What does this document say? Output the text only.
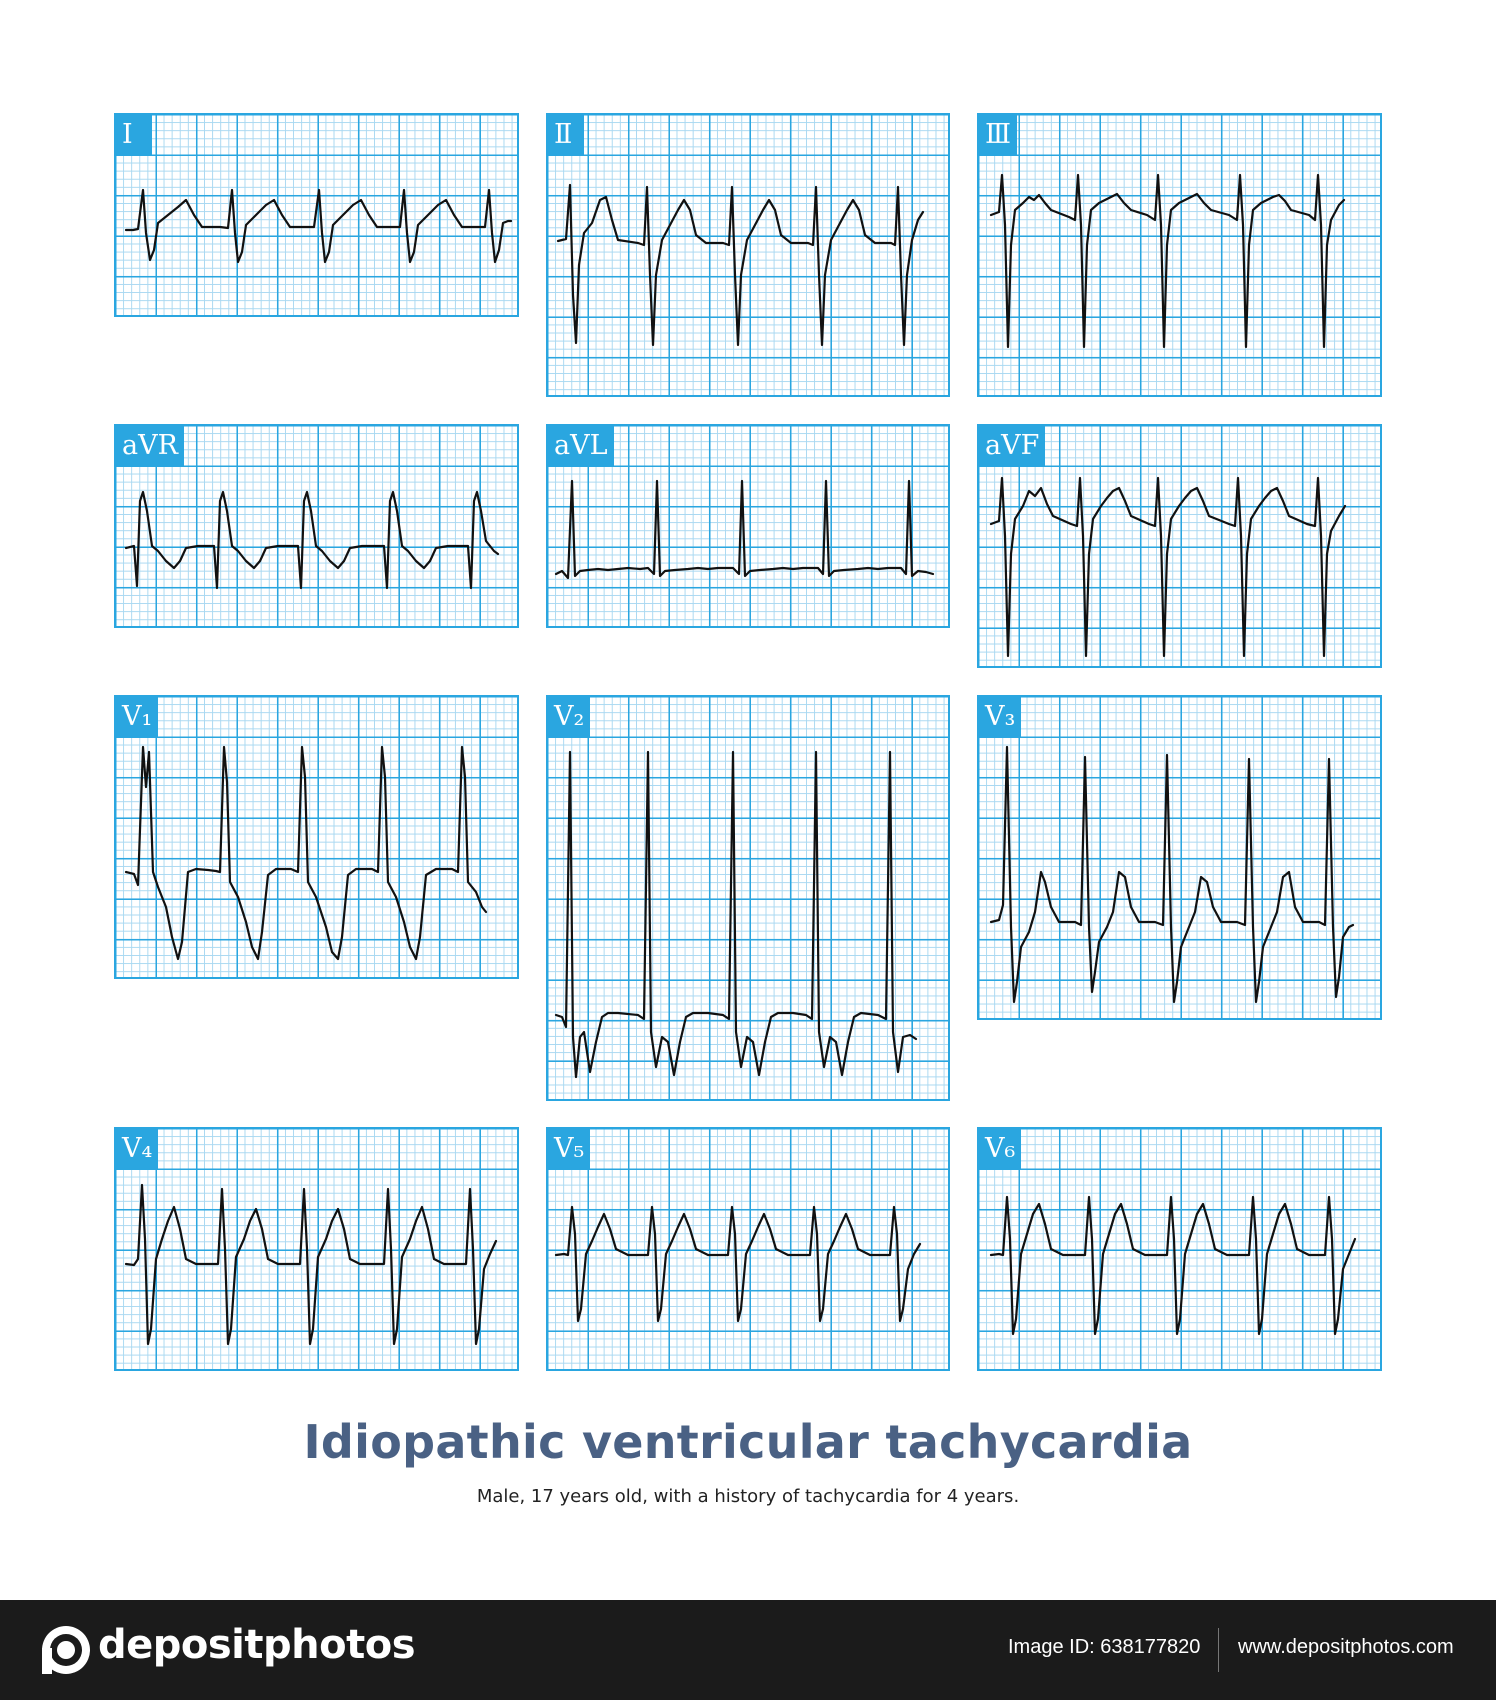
I	Ⅱ	Ⅲ
aVR	aVL	aVF
V₁	V₂	V₃
V₄	V₅	V₆
Idiopathic ventricular tachycardia
Male, 17 years old, with a history of tachycardia for 4 years.
depositphotos	Image ID: 638177820 www.depositphotos.com
